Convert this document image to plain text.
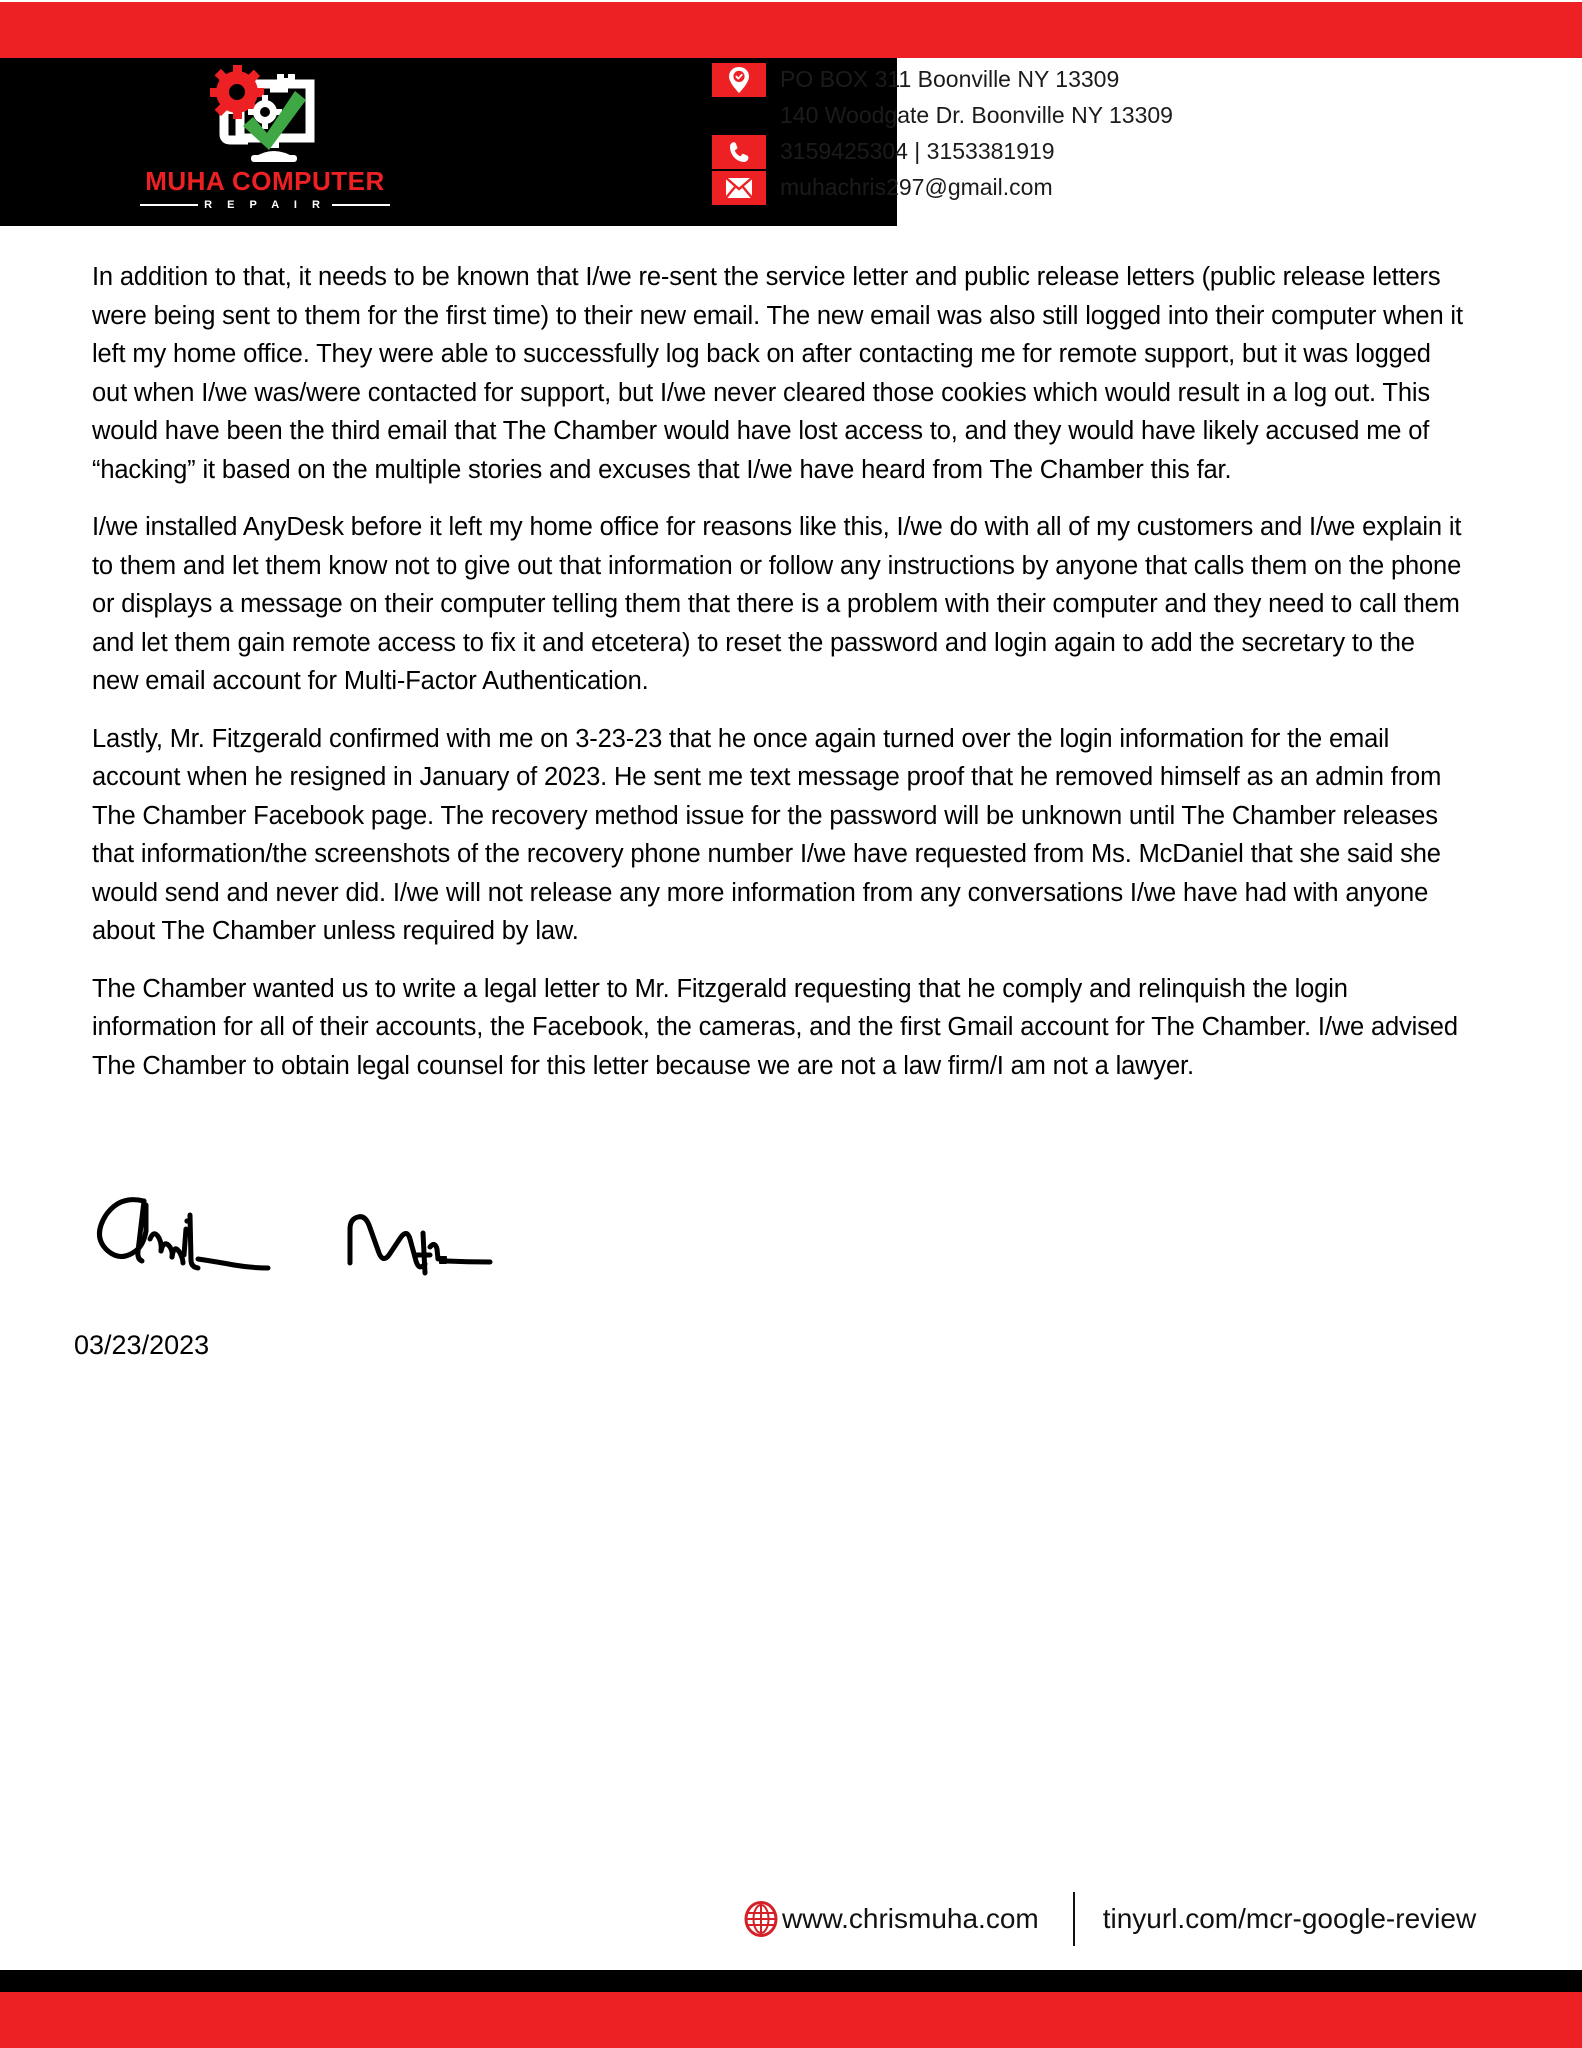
MUHA COMPUTER
R E P A I R
PO BOX 311 Boonville NY 13309
140 Woodgate Dr. Boonville NY 13309
3159425304 | 3153381919
muhachris297@gmail.com

In addition to that, it needs to be known that I/we re-sent the service letter and public release letters (public release letters were being sent to them for the first time) to their new email. The new email was also still logged into their computer when it left my home office. They were able to successfully log back on after contacting me for remote support, but it was logged out when I/we was/were contacted for support, but I/we never cleared those cookies which would result in a log out. This would have been the third email that The Chamber would have lost access to, and they would have likely accused me of “hacking” it based on the multiple stories and excuses that I/we have heard from The Chamber this far.

I/we installed AnyDesk before it left my home office for reasons like this, I/we do with all of my customers and I/we explain it to them and let them know not to give out that information or follow any instructions by anyone that calls them on the phone or displays a message on their computer telling them that there is a problem with their computer and they need to call them and let them gain remote access to fix it and etcetera) to reset the password and login again to add the secretary to the new email account for Multi-Factor Authentication.

Lastly, Mr. Fitzgerald confirmed with me on 3-23-23 that he once again turned over the login information for the email account when he resigned in January of 2023. He sent me text message proof that he removed himself as an admin from The Chamber Facebook page. The recovery method issue for the password will be unknown until The Chamber releases that information/the screenshots of the recovery phone number I/we have requested from Ms. McDaniel that she said she would send and never did. I/we will not release any more information from any conversations I/we have had with anyone about The Chamber unless required by law.

The Chamber wanted us to write a legal letter to Mr. Fitzgerald requesting that he comply and relinquish the login information for all of their accounts, the Facebook, the cameras, and the first Gmail account for The Chamber. I/we advised The Chamber to obtain legal counsel for this letter because we are not a law firm/I am not a lawyer.

03/23/2023
www.chrismuha.com tinyurl.com/mcr-google-review
